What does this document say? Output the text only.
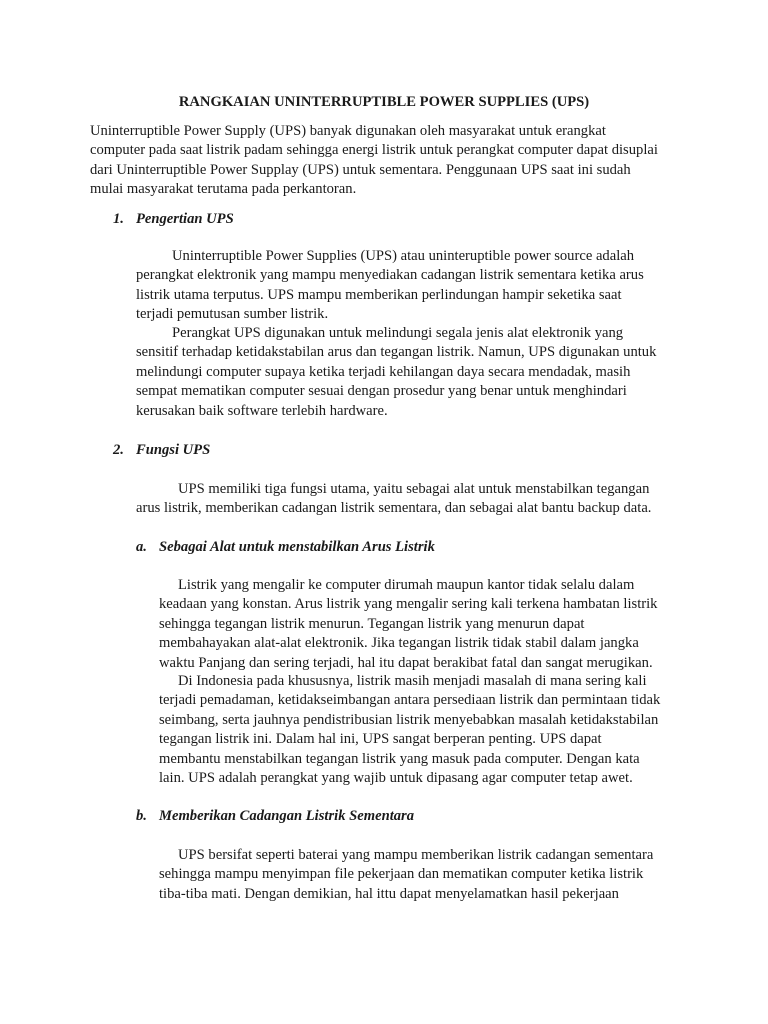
RANGKAIAN UNINTERRUPTIBLE POWER SUPPLIES (UPS)
Uninterruptible Power Supply (UPS) banyak digunakan oleh masyarakat untuk erangkat
computer pada saat listrik padam sehingga energi listrik untuk perangkat computer dapat disuplai
dari Uninterruptible Power Supplay (UPS) untuk sementara. Penggunaan UPS saat ini sudah
mulai masyarakat terutama pada perkantoran.
1. Pengertian UPS
Uninterruptible Power Supplies (UPS) atau uninteruptible power source adalah
perangkat elektronik yang mampu menyediakan cadangan listrik sementara ketika arus
listrik utama terputus. UPS mampu memberikan perlindungan hampir seketika saat
terjadi pemutusan sumber listrik.
Perangkat UPS digunakan untuk melindungi segala jenis alat elektronik yang
sensitif terhadap ketidakstabilan arus dan tegangan listrik. Namun, UPS digunakan untuk
melindungi computer supaya ketika terjadi kehilangan daya secara mendadak, masih
sempat mematikan computer sesuai dengan prosedur yang benar untuk menghindari
kerusakan baik software terlebih hardware.
2. Fungsi UPS
UPS memiliki tiga fungsi utama, yaitu sebagai alat untuk menstabilkan tegangan
arus listrik, memberikan cadangan listrik sementara, dan sebagai alat bantu backup data.
a. Sebagai Alat untuk menstabilkan Arus Listrik
Listrik yang mengalir ke computer dirumah maupun kantor tidak selalu dalam
keadaan yang konstan. Arus listrik yang mengalir sering kali terkena hambatan listrik
sehingga tegangan listrik menurun. Tegangan listrik yang menurun dapat
membahayakan alat-alat elektronik. Jika tegangan listrik tidak stabil dalam jangka
waktu Panjang dan sering terjadi, hal itu dapat berakibat fatal dan sangat merugikan.
Di Indonesia pada khususnya, listrik masih menjadi masalah di mana sering kali
terjadi pemadaman, ketidakseimbangan antara persediaan listrik dan permintaan tidak
seimbang, serta jauhnya pendistribusian listrik menyebabkan masalah ketidakstabilan
tegangan listrik ini. Dalam hal ini, UPS sangat berperan penting. UPS dapat
membantu menstabilkan tegangan listrik yang masuk pada computer. Dengan kata
lain. UPS adalah perangkat yang wajib untuk dipasang agar computer tetap awet.
b. Memberikan Cadangan Listrik Sementara
UPS bersifat seperti baterai yang mampu memberikan listrik cadangan sementara
sehingga mampu menyimpan file pekerjaan dan mematikan computer ketika listrik
tiba-tiba mati. Dengan demikian, hal ittu dapat menyelamatkan hasil pekerjaan
